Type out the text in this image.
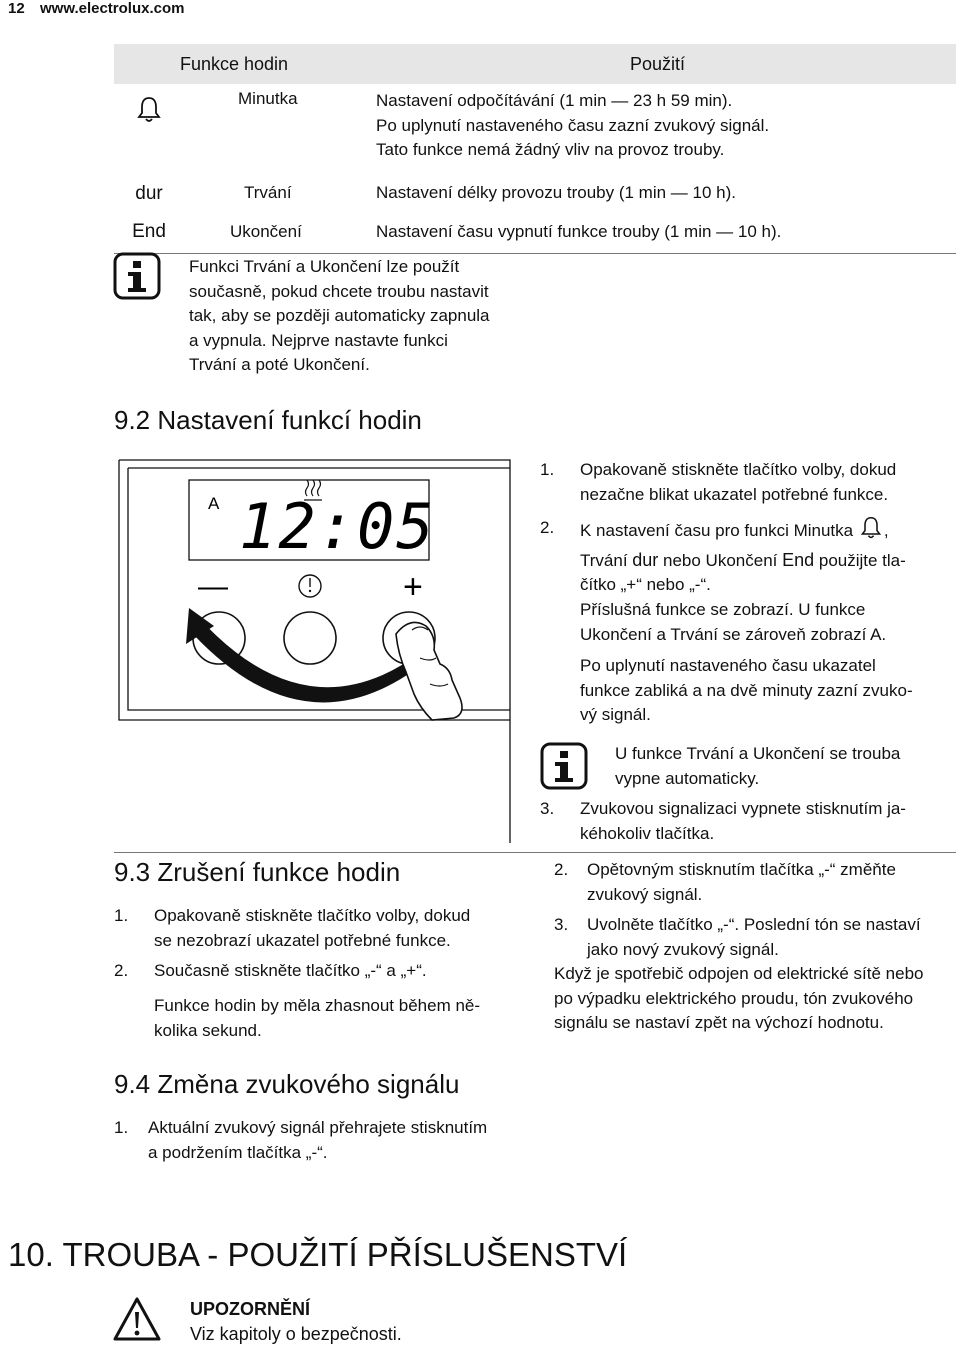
12 www.electrolux.com
Funkce hodin		Použití
	Minutka	Nastavení odpočítávání (1 min — 23 h 59 min).
Po uplynutí nastaveného času zazní zvukový signál.
Tato funkce nemá žádný vliv na provoz trouby.

dur	Trvání	Nastavení délky provozu trouby (1 min — 10 h).
End	Ukončení	Nastavení času vypnutí funkce trouby (1 min — 10 h).
Funkci Trvání a Ukončení lze použít
současně, pokud chcete troubu nastavit
tak, aby se později automaticky zapnula
a vypnula. Nejprve nastavte funkci
Trvání a poté Ukončení.
9.2 Nastavení funkcí hodin
A 12:05
—	+
1. Opakovaně stiskněte tlačítko volby, dokud
nezačne blikat ukazatel potřebné funkce.
2. K nastavení času pro funkci Minutka ,
Trvání dur nebo Ukončení End použijte tla-
čítko „+“ nebo „-“.
Příslušná funkce se zobrazí. U funkce
Ukončení a Trvání se zároveň zobrazí A.
Po uplynutí nastaveného času ukazatel
funkce zabliká a na dvě minuty zazní zvuko-
vý signál.
U funkce Trvání a Ukončení se trouba
vypne automaticky.
3. Zvukovou signalizaci vypnete stisknutím ja-
kéhokoliv tlačítka.
9.3 Zrušení funkce hodin
1. Opakovaně stiskněte tlačítko volby, dokud
se nezobrazí ukazatel potřebné funkce.
2. Současně stiskněte tlačítko „-“ a „+“.
Funkce hodin by měla zhasnout během ně-
kolika sekund.
9.4 Změna zvukového signálu
1. Aktuální zvukový signál přehrajete stisknutím
a podržením tlačítka „-“.
2. Opětovným stisknutím tlačítka „-“ změňte
zvukový signál.
3. Uvolněte tlačítko „-“. Poslední tón se nastaví
jako nový zvukový signál.
Když je spotřebič odpojen od elektrické sítě nebo
po výpadku elektrického proudu, tón zvukového
signálu se nastaví zpět na výchozí hodnotu.
10. TROUBA - POUŽITÍ PŘÍSLUŠENSTVÍ
UPOZORNĚNÍ
Viz kapitoly o bezpečnosti.
